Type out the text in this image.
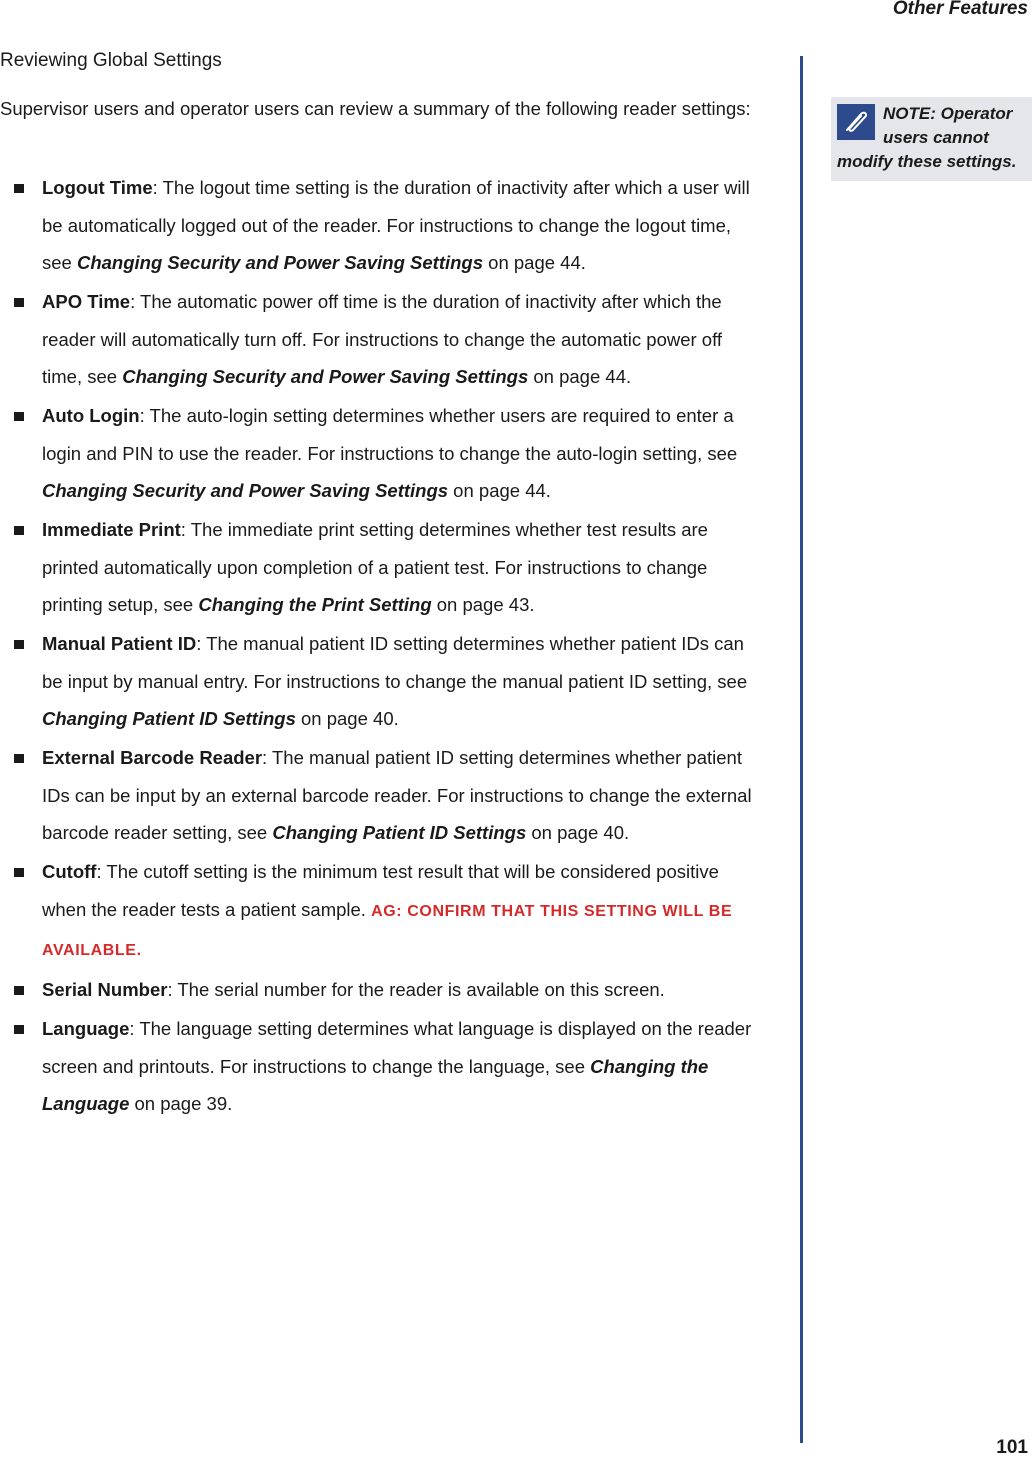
Other Features
Reviewing Global Settings

Supervisor users and operator users can review a summary of the following reader settings:

Logout Time: The logout time setting is the duration of inactivity after which a user will be automatically logged out of the reader. For instructions to change the logout time, see Changing Security and Power Saving Settings on page 44.
APO Time: The automatic power off time is the duration of inactivity after which the reader will automatically turn off. For instructions to change the automatic power off time, see Changing Security and Power Saving Settings on page 44.
Auto Login: The auto-login setting determines whether users are required to enter a login and PIN to use the reader. For instructions to change the auto-login setting, see Changing Security and Power Saving Settings on page 44.
Immediate Print: The immediate print setting determines whether test results are printed automatically upon completion of a patient test. For instructions to change printing setup, see Changing the Print Setting on page 43.
Manual Patient ID: The manual patient ID setting determines whether patient IDs can be input by manual entry. For instructions to change the manual patient ID setting, see Changing Patient ID Settings on page 40.
External Barcode Reader: The manual patient ID setting determines whether patient IDs can be input by an external barcode reader. For instructions to change the external barcode reader setting, see Changing Patient ID Settings on page 40.
Cutoff: The cutoff setting is the minimum test result that will be considered positive when the reader tests a patient sample. AG: CONFIRM THAT THIS SETTING WILL BE AVAILABLE.
Serial Number: The serial number for the reader is available on this screen.
Language: The language setting determines what language is displayed on the reader screen and printouts. For instructions to change the language, see Changing the Language on page 39.
NOTE: Operator users cannot modify these settings.
101
